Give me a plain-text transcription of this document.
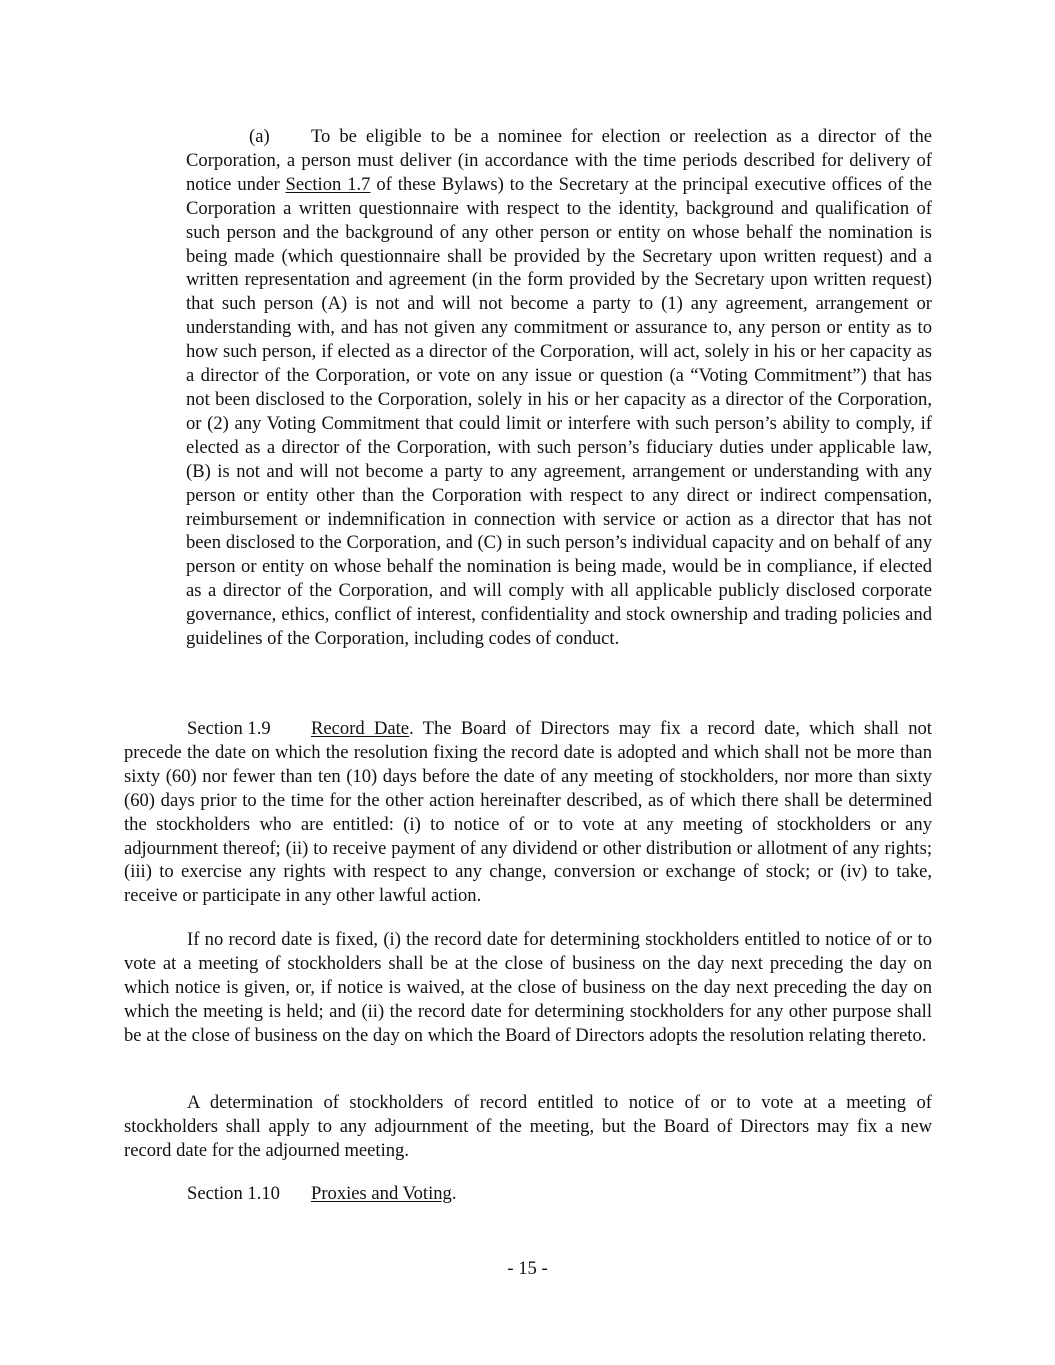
(a) To be eligible to be a nominee for election or reelection as a director of the Corporation, a person must deliver (in accordance with the time periods described for delivery of notice under Section 1.7 of these Bylaws) to the Secretary at the principal executive offices of the Corporation a written questionnaire with respect to the identity, background and qualification of such person and the background of any other person or entity on whose behalf the nomination is being made (which questionnaire shall be provided by the Secretary upon written request) and a written representation and agreement (in the form provided by the Secretary upon written request) that such person (A) is not and will not become a party to (1) any agreement, arrangement or understanding with, and has not given any commitment or assurance to, any person or entity as to how such person, if elected as a director of the Corporation, will act, solely in his or her capacity as a director of the Corporation, or vote on any issue or question (a “Voting Commitment”) that has not been disclosed to the Corporation, solely in his or her capacity as a director of the Corporation, or (2) any Voting Commitment that could limit or interfere with such person’s ability to comply, if elected as a director of the Corporation, with such person’s fiduciary duties under applicable law, (B) is not and will not become a party to any agreement, arrangement or understanding with any person or entity other than the Corporation with respect to any direct or indirect compensation, reimbursement or indemnification in connection with service or action as a director that has not been disclosed to the Corporation, and (C) in such person’s individual capacity and on behalf of any person or entity on whose behalf the nomination is being made, would be in compliance, if elected as a director of the Corporation, and will comply with all applicable publicly disclosed corporate governance, ethics, conflict of interest, confidentiality and stock ownership and trading policies and guidelines of the Corporation, including codes of conduct.

Section 1.9 Record Date. The Board of Directors may fix a record date, which shall not precede the date on which the resolution fixing the record date is adopted and which shall not be more than sixty (60) nor fewer than ten (10) days before the date of any meeting of stockholders, nor more than sixty (60) days prior to the time for the other action hereinafter described, as of which there shall be determined the stockholders who are entitled: (i) to notice of or to vote at any meeting of stockholders or any adjournment thereof; (ii) to receive payment of any dividend or other distribution or allotment of any rights; (iii) to exercise any rights with respect to any change, conversion or exchange of stock; or (iv) to take, receive or participate in any other lawful action.

If no record date is fixed, (i) the record date for determining stockholders entitled to notice of or to vote at a meeting of stockholders shall be at the close of business on the day next preceding the day on which notice is given, or, if notice is waived, at the close of business on the day next preceding the day on which the meeting is held; and (ii) the record date for determining stockholders for any other purpose shall be at the close of business on the day on which the Board of Directors adopts the resolution relating thereto.

A determination of stockholders of record entitled to notice of or to vote at a meeting of stockholders shall apply to any adjournment of the meeting, but the Board of Directors may fix a new record date for the adjourned meeting.

Section 1.10 Proxies and Voting.

- 15 -
